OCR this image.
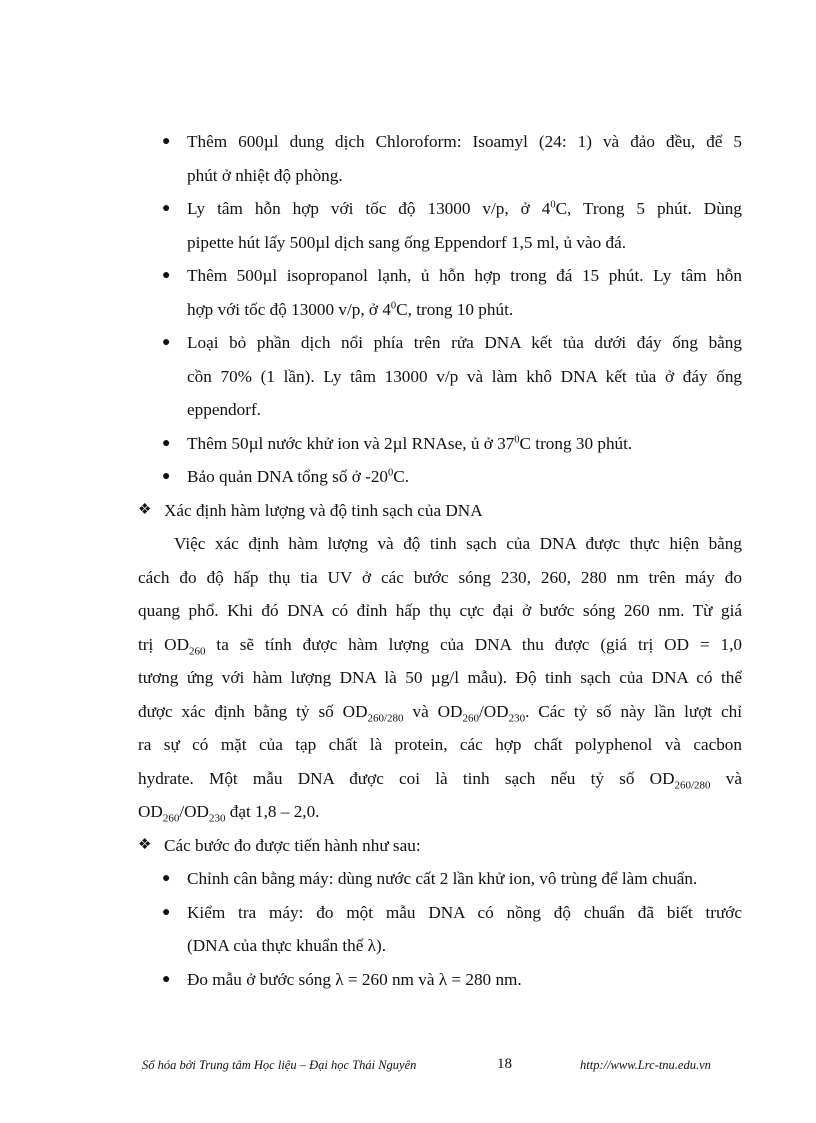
● Thêm 600µl dung dịch Chloroform: Isoamyl (24: 1) và đảo đều, để 5
phút ở nhiệt độ phòng.
● Ly tâm hỗn hợp với tốc độ 13000 v/p, ở $4^0C$, Trong 5 phút. Dùng
pipette hút lấy 500µl dịch sang ống Eppendorf 1,5 ml, ủ vào đá.
● Thêm 500µl isopropanol lạnh, ủ hỗn hợp trong đá 15 phút. Ly tâm hỗn
hợp với tốc độ 13000 v/p, ở $4^0C$, trong 10 phút.
● Loại bỏ phần dịch nổi phía trên rửa DNA kết tủa dưới đáy ống bằng
cồn 70% (1 lần). Ly tâm 13000 v/p và làm khô DNA kết tủa ở đáy ống
eppendorf.
● Thêm 50µl nước khử ion và 2µl RNAse, ủ ở $37^0C$ trong 30 phút.
● Bảo quản DNA tổng số ở $-20^0C$.
❖ Xác định hàm lượng và độ tinh sạch của DNA
Việc xác định hàm lượng và độ tinh sạch của DNA được thực hiện bằng
cách đo độ hấp thụ tia UV ở các bước sóng 230, 260, 280 nm trên máy đo
quang phổ. Khi đó DNA có đỉnh hấp thụ cực đại ở bước sóng 260 nm. Từ giá
trị $OD_{260}$ ta sẽ tính được hàm lượng của DNA thu được (giá trị OD = 1,0
tương ứng với hàm lượng DNA là 50 µg/l mẫu). Độ tinh sạch của DNA có thể
được xác định bằng tỷ số $OD_{260/280}$ và $OD_{260}/OD_{230}$. Các tỷ số này lần lượt chỉ
ra sự có mặt của tạp chất là protein, các hợp chất polyphenol và cacbon
hydrate. Một mẫu DNA được coi là tinh sạch nếu tỷ số $OD_{260/280}$ và
$OD_{260}/OD_{230}$ đạt 1,8 – 2,0.
❖ Các bước đo được tiến hành như sau:
● Chỉnh cân bằng máy: dùng nước cất 2 lần khử ion, vô trùng để làm chuẩn.
● Kiểm tra máy: đo một mẫu DNA có nồng độ chuẩn đã biết trước
(DNA của thực khuẩn thể λ).
● Đo mẫu ở bước sóng λ = 260 nm và λ = 280 nm.
Số hóa bởi Trung tâm Học liệu – Đại học Thái Nguyên	18	http://www.Lrc-tnu.edu.vn
